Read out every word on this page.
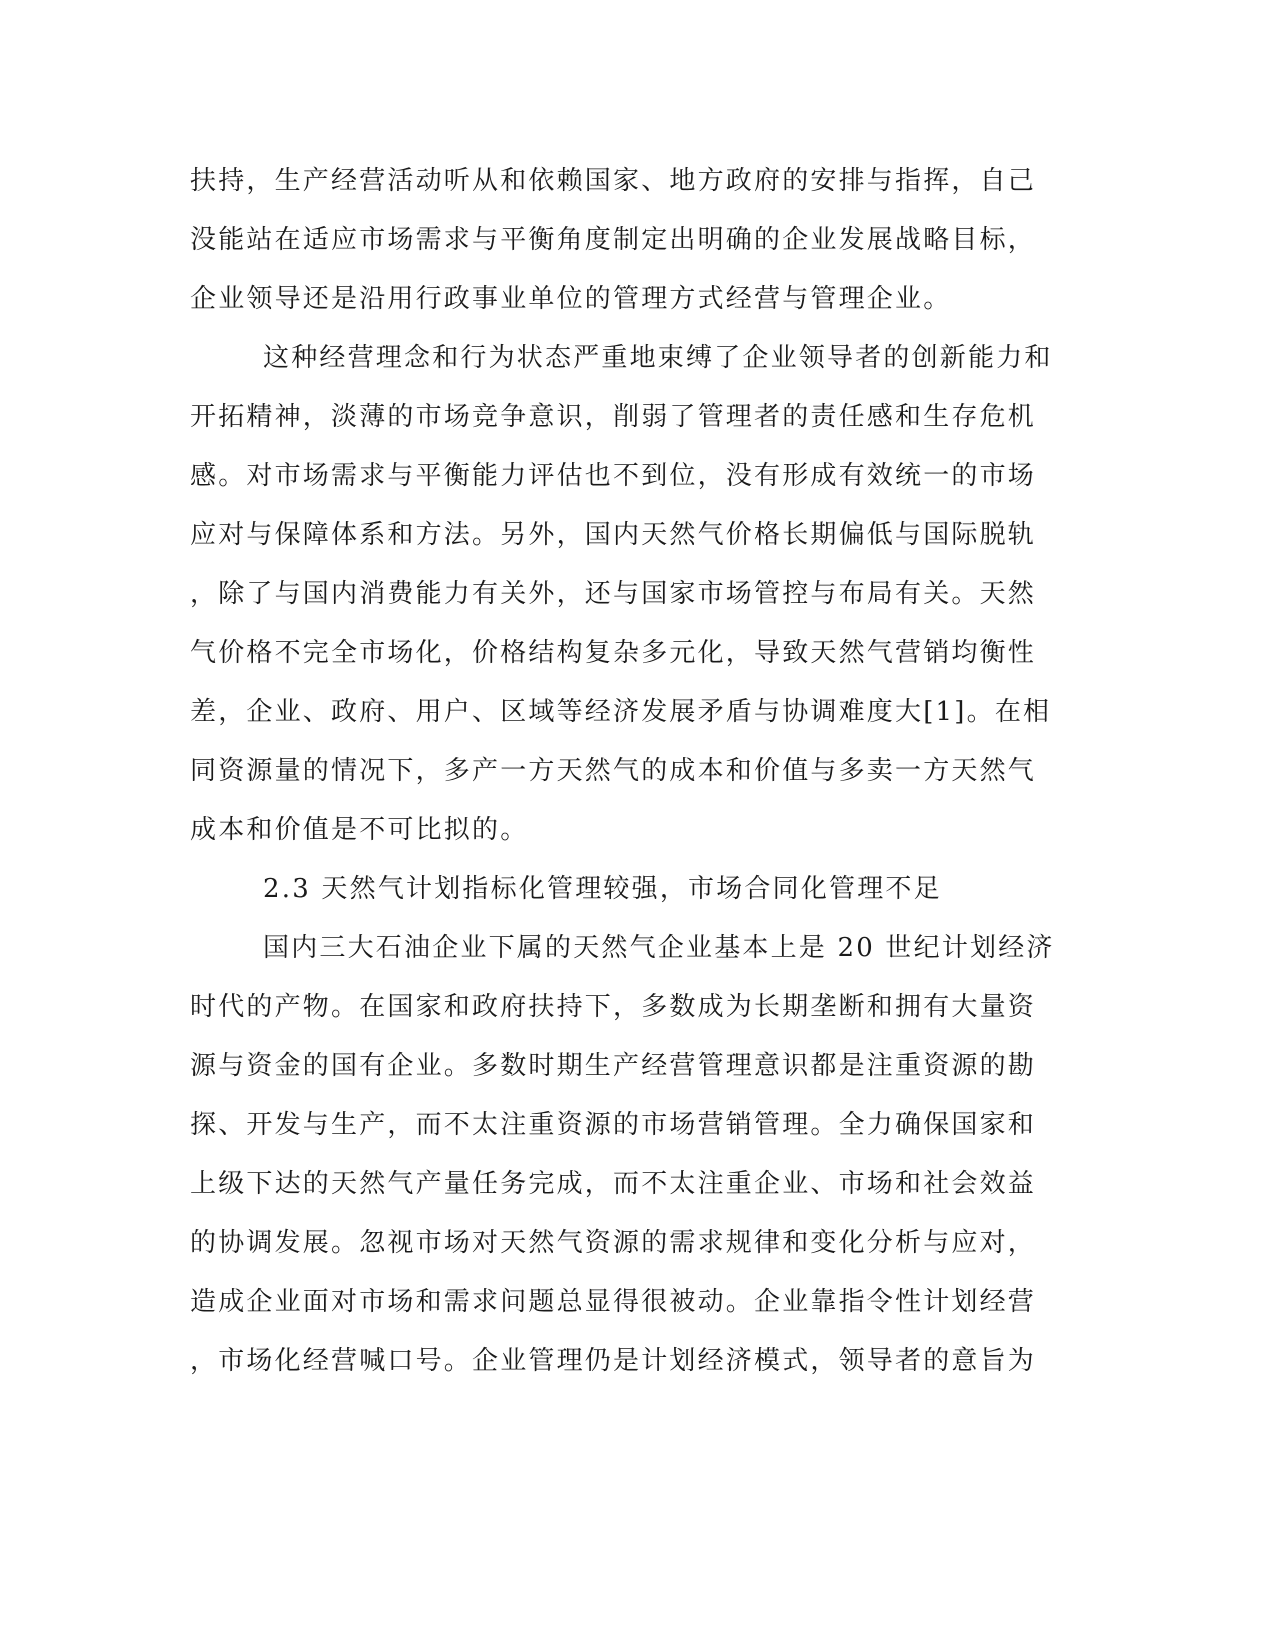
扶持，生产经营活动听从和依赖国家、地方政府的安排与指挥，自己

没能站在适应市场需求与平衡角度制定出明确的企业发展战略目标，

企业领导还是沿用行政事业单位的管理方式经营与管理企业。

这种经营理念和行为状态严重地束缚了企业领导者的创新能力和

开拓精神，淡薄的市场竞争意识，削弱了管理者的责任感和生存危机

感。对市场需求与平衡能力评估也不到位，没有形成有效统一的市场

应对与保障体系和方法。另外，国内天然气价格长期偏低与国际脱轨

，除了与国内消费能力有关外，还与国家市场管控与布局有关。天然

气价格不完全市场化，价格结构复杂多元化，导致天然气营销均衡性

差，企业、政府、用户、区域等经济发展矛盾与协调难度大[1]。在相

同资源量的情况下，多产一方天然气的成本和价值与多卖一方天然气

成本和价值是不可比拟的。

2.3 天然气计划指标化管理较强，市场合同化管理不足

国内三大石油企业下属的天然气企业基本上是 20 世纪计划经济

时代的产物。在国家和政府扶持下，多数成为长期垄断和拥有大量资

源与资金的国有企业。多数时期生产经营管理意识都是注重资源的勘

探、开发与生产，而不太注重资源的市场营销管理。全力确保国家和

上级下达的天然气产量任务完成，而不太注重企业、市场和社会效益

的协调发展。忽视市场对天然气资源的需求规律和变化分析与应对，

造成企业面对市场和需求问题总显得很被动。企业靠指令性计划经营

，市场化经营喊口号。企业管理仍是计划经济模式，领导者的意旨为
